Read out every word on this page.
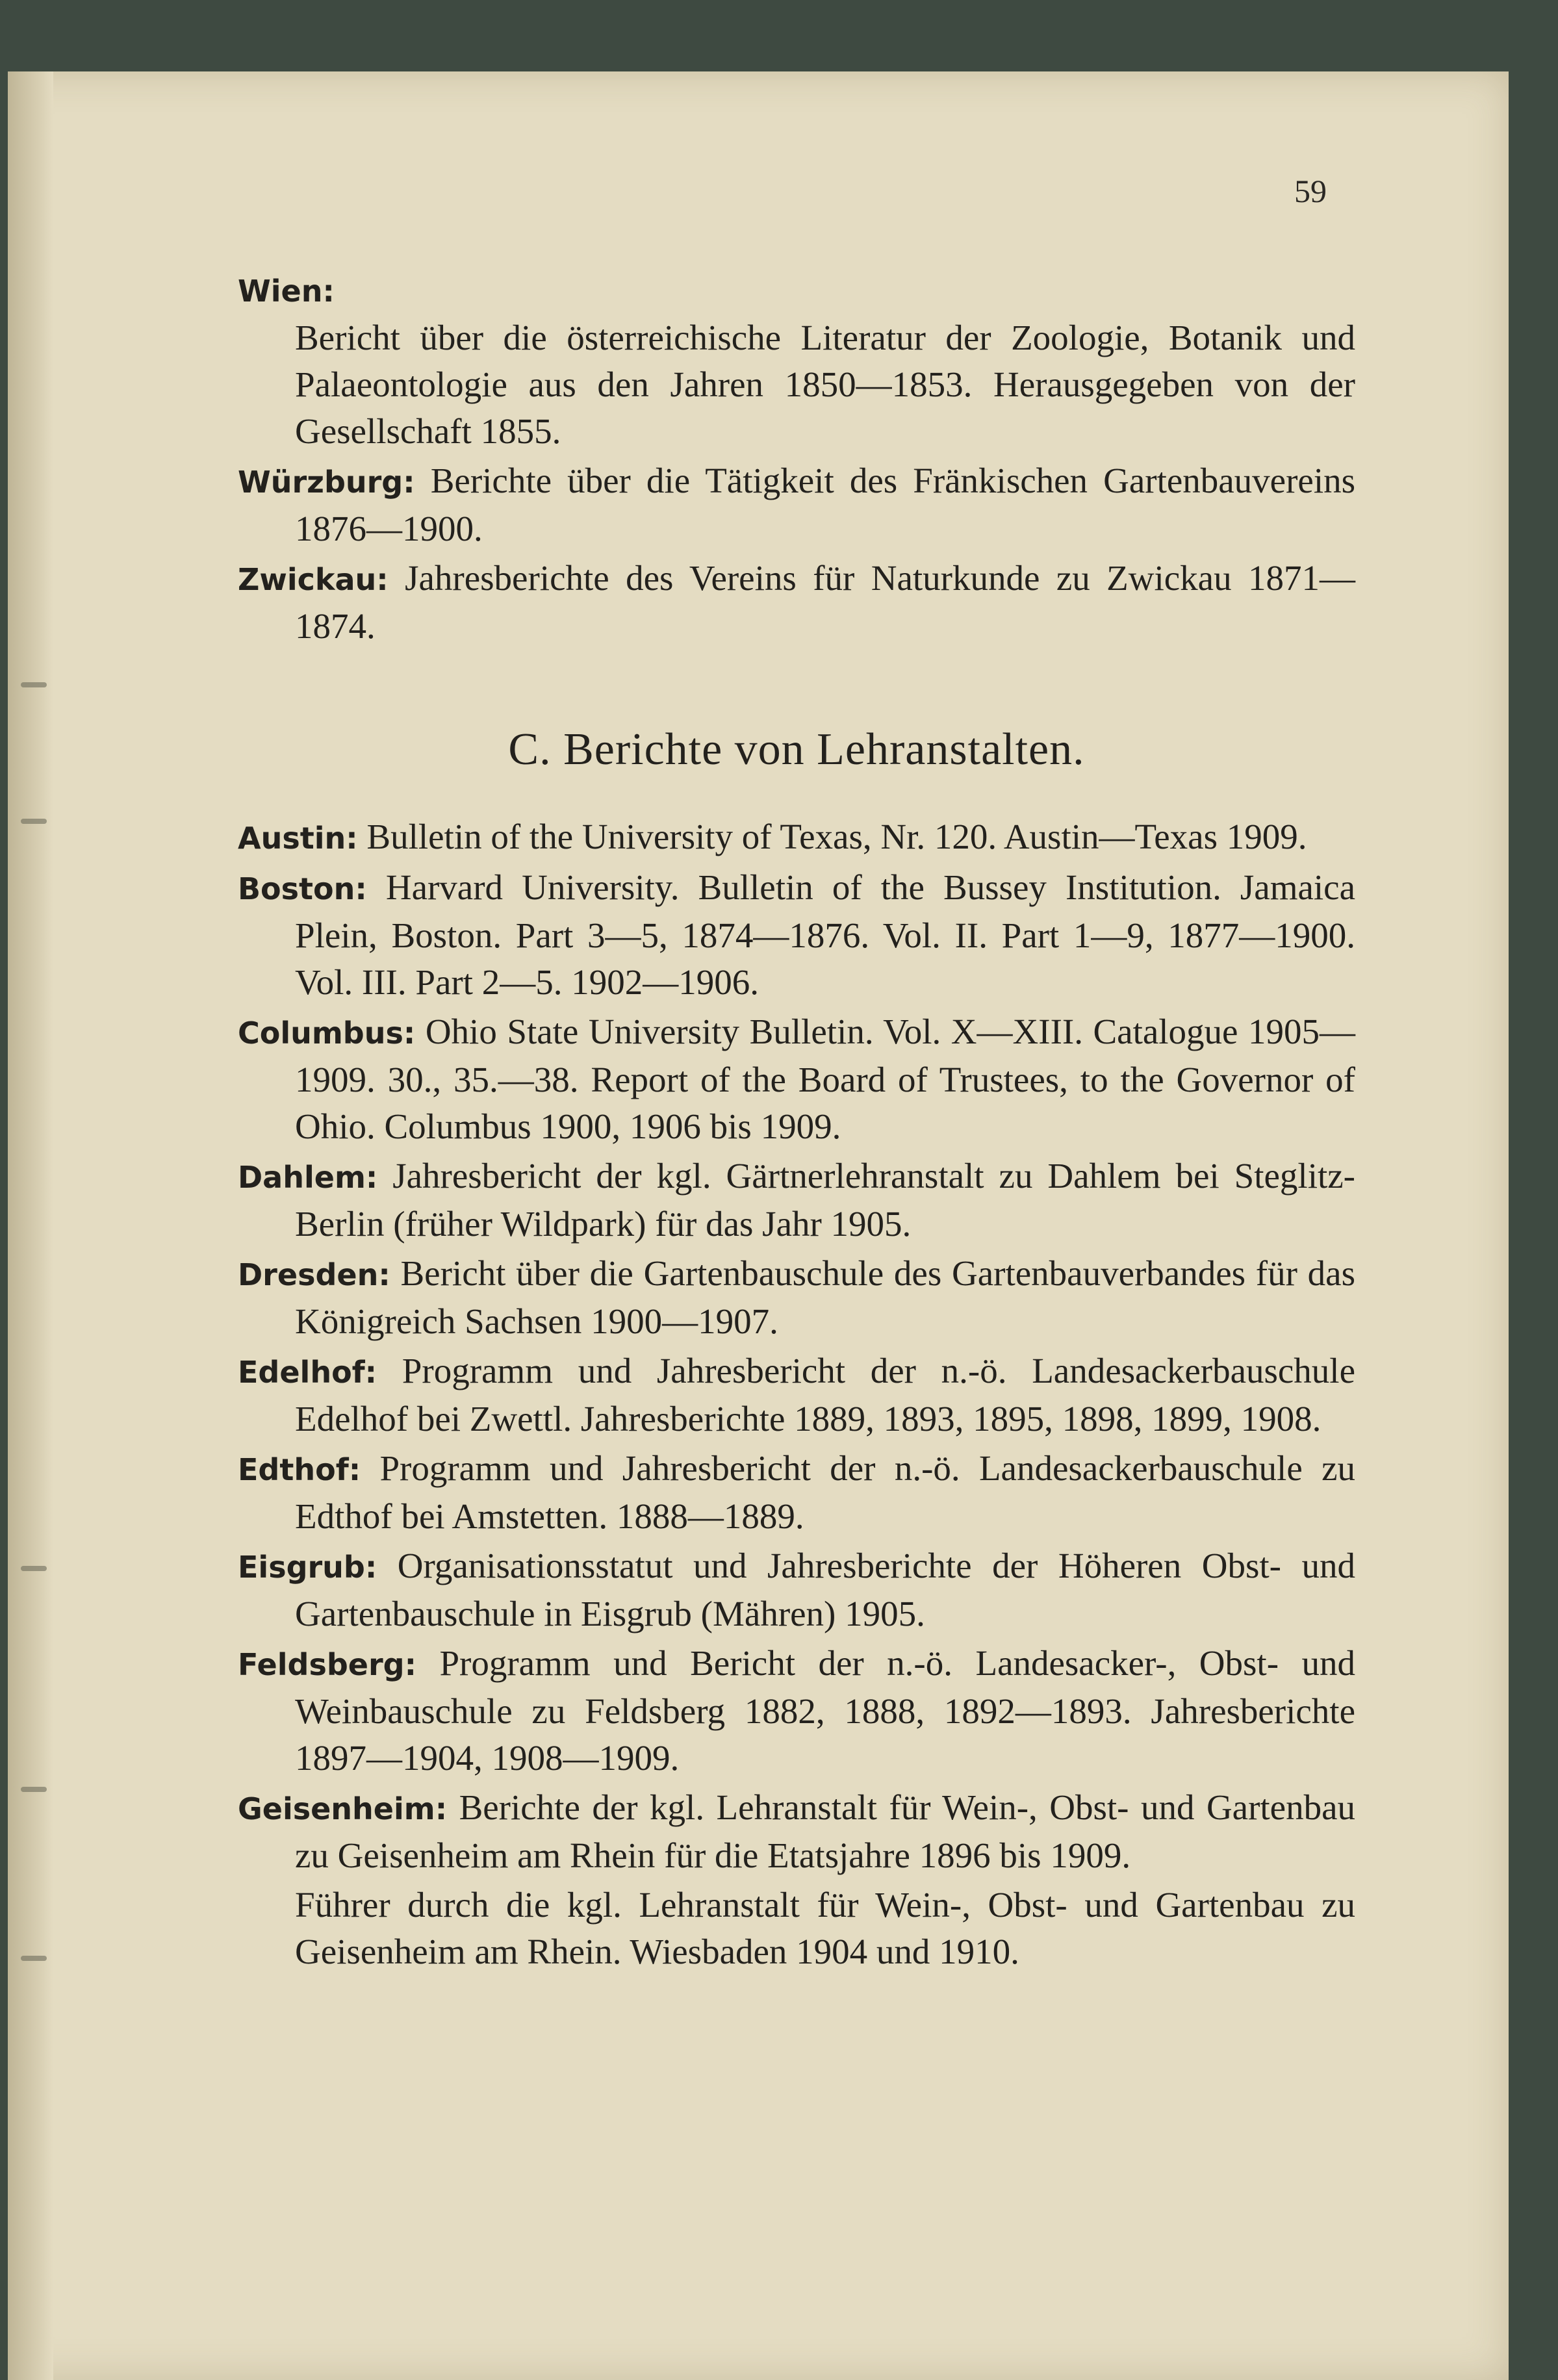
59
Wien:
Bericht über die österreichische Literatur der Zoologie, Botanik und Palaeontologie aus den Jahren 1850—1853. Herausgegeben von der Gesellschaft 1855.
Würzburg: Berichte über die Tätigkeit des Fränkischen Gartenbauvereins 1876—1900.
Zwickau: Jahresberichte des Vereins für Naturkunde zu Zwickau 1871—1874.
C. Berichte von Lehranstalten.
Austin: Bulletin of the University of Texas, Nr. 120. Austin—Texas 1909.
Boston: Harvard University. Bulletin of the Bussey Institution. Jamaica Plein, Boston. Part 3—5, 1874—1876. Vol. II. Part 1—9, 1877—1900. Vol. III. Part 2—5. 1902—1906.
Columbus: Ohio State University Bulletin. Vol. X—XIII. Catalogue 1905—1909. 30., 35.—38. Report of the Board of Trustees, to the Governor of Ohio. Columbus 1900, 1906 bis 1909.
Dahlem: Jahresbericht der kgl. Gärtnerlehranstalt zu Dahlem bei Steglitz-Berlin (früher Wildpark) für das Jahr 1905.
Dresden: Bericht über die Gartenbauschule des Gartenbauverbandes für das Königreich Sachsen 1900—1907.
Edelhof: Programm und Jahresbericht der n.-ö. Landesackerbauschule Edelhof bei Zwettl. Jahresberichte 1889, 1893, 1895, 1898, 1899, 1908.
Edthof: Programm und Jahresbericht der n.-ö. Landesackerbauschule zu Edthof bei Amstetten. 1888—1889.
Eisgrub: Organisationsstatut und Jahresberichte der Höheren Obst- und Gartenbauschule in Eisgrub (Mähren) 1905.
Feldsberg: Programm und Bericht der n.-ö. Landesacker-, Obst- und Weinbauschule zu Feldsberg 1882, 1888, 1892—1893. Jahresberichte 1897—1904, 1908—1909.
Geisenheim: Berichte der kgl. Lehranstalt für Wein-, Obst- und Gartenbau zu Geisenheim am Rhein für die Etatsjahre 1896 bis 1909.
Führer durch die kgl. Lehranstalt für Wein-, Obst- und Gartenbau zu Geisenheim am Rhein. Wiesbaden 1904 und 1910.
